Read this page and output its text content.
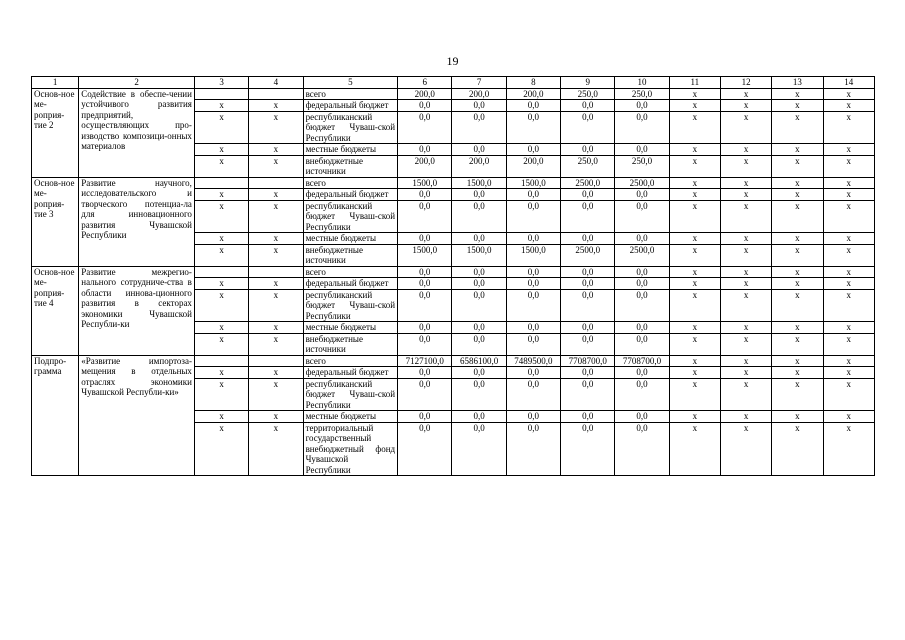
19
1	2	3	4	5	6	7	8	9	10	11	12	13	14
Основ-ное ме-роприя-тие 2	Содействие в обеспе-чении устойчивого развития предприятий, осуществляющих про-изводство композици-онных материалов			всего	200,0	200,0	200,0	250,0	250,0	x	x	x	x
		x	x	федеральный бюджет	0,0	0,0	0,0	0,0	0,0	x	x	x	x
		x	x	республиканский бюджет Чуваш-ской Республики	0,0	0,0	0,0	0,0	0,0	x	x	x	x
		x	x	местные бюджеты	0,0	0,0	0,0	0,0	0,0	x	x	x	x
		x	x	внебюджетные источники	200,0	200,0	200,0	250,0	250,0	x	x	x	x
Основ-ное ме-роприя-тие 3	Развитие научного, исследовательского и творческого потенциа-ла для инновационного развития Чувашской Республики			всего	1500,0	1500,0	1500,0	2500,0	2500,0	x	x	x	x
		x	x	федеральный бюджет	0,0	0,0	0,0	0,0	0,0	x	x	x	x
		x	x	республиканский бюджет Чуваш-ской Республики	0,0	0,0	0,0	0,0	0,0	x	x	x	x
		x	x	местные бюджеты	0,0	0,0	0,0	0,0	0,0	x	x	x	x
		x	x	внебюджетные источники	1500,0	1500,0	1500,0	2500,0	2500,0	x	x	x	x
Основ-ное ме-роприя-тие 4	Развитие межрегио-нального сотрудниче-ства в области иннова-ционного развития в секторах экономики Чувашской Республи-ки			всего	0,0	0,0	0,0	0,0	0,0	x	x	x	x
		x	x	федеральный бюджет	0,0	0,0	0,0	0,0	0,0	x	x	x	x
		x	x	республиканский бюджет Чуваш-ской Республики	0,0	0,0	0,0	0,0	0,0	x	x	x	x
		x	x	местные бюджеты	0,0	0,0	0,0	0,0	0,0	x	x	x	x
		x	x	внебюджетные источники	0,0	0,0	0,0	0,0	0,0	x	x	x	x
Подпро-грамма	«Развитие импортоза-мещения в отдельных отраслях экономики Чувашской Республи-ки»			всего	7127100,0	6586100,0	7489500,0	7708700,0	7708700,0	x	x	x	x
		x	x	федеральный бюджет	0,0	0,0	0,0	0,0	0,0	x	x	x	x
		x	x	республиканский бюджет Чуваш-ской Республики	0,0	0,0	0,0	0,0	0,0	x	x	x	x
		x	x	местные бюджеты	0,0	0,0	0,0	0,0	0,0	x	x	x	x
		x	x	территориальный государственный внебюджетный фонд Чувашской Республики	0,0	0,0	0,0	0,0	0,0	x	x	x	x
